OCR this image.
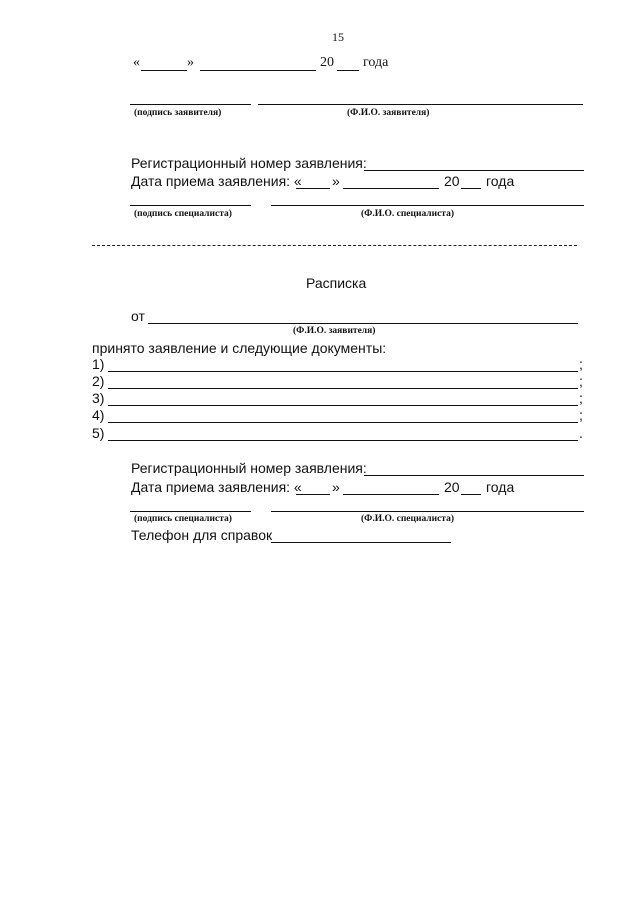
15
«	»	20 года
(подпись заявителя)	(Ф.И.О. заявителя)
Регистрационный номер заявления:
Дата приема заявления: « »	20 года
(подпись специалиста)	(Ф.И.О. специалиста)
Расписка
от
(Ф.И.О. заявителя)
принято заявление и следующие документы:
1)	;
2)	;
3)	;
4)	;
5)	.
Регистрационный номер заявления:
Дата приема заявления: « »	20 года
(подпись специалиста)	(Ф.И.О. специалиста)
Телефон для справок
